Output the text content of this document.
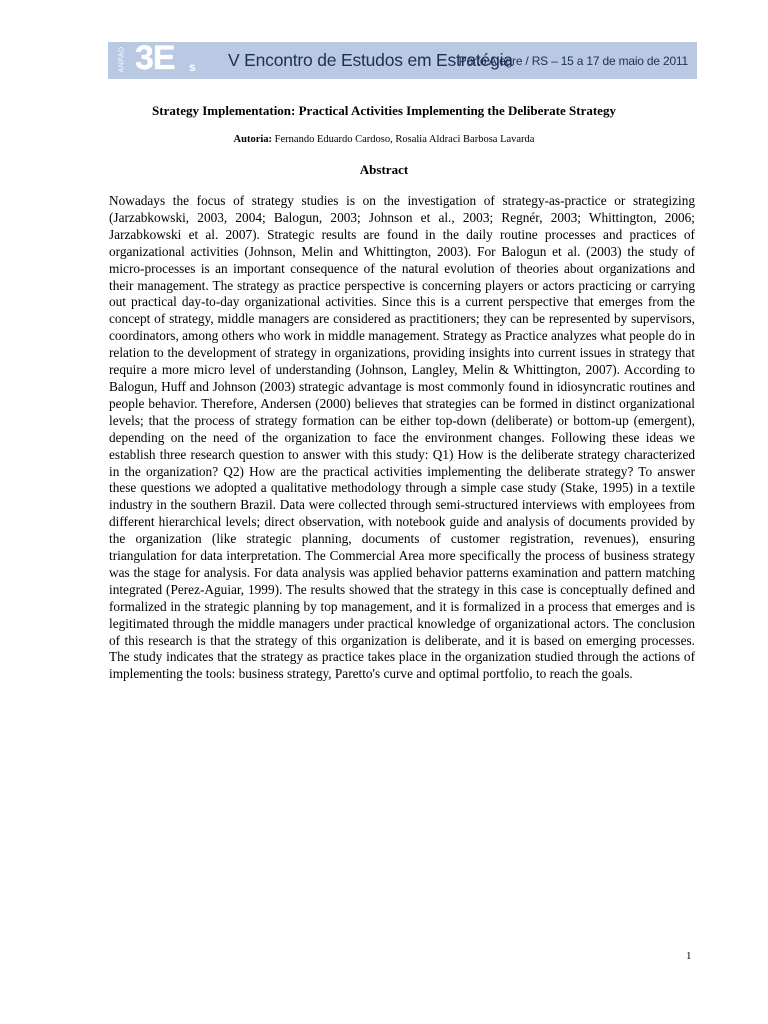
ANPAD 3E s V Encontro de Estudos em Estratégia
Porto Alegre / RS – 15 a 17 de maio de 2011
Strategy Implementation: Practical Activities Implementing the Deliberate Strategy
Autoria: Fernando Eduardo Cardoso, Rosalia Aldraci Barbosa Lavarda
Abstract

Nowadays the focus of strategy studies is on the investigation of strategy-as-practice or strategizing (Jarzabkowski, 2003, 2004; Balogun, 2003; Johnson et al., 2003; Regnér, 2003; Whittington, 2006; Jarzabkowski et al. 2007). Strategic results are found in the daily routine processes and practices of organizational activities (Johnson, Melin and Whittington, 2003). For Balogun et al. (2003) the study of micro-processes is an important consequence of the natural evolution of theories about organizations and their management. The strategy as practice perspective is concerning players or actors practicing or carrying out practical day-to-day organizational activities. Since this is a current perspective that emerges from the concept of strategy, middle managers are considered as practitioners; they can be represented by supervisors, coordinators, among others who work in middle management. Strategy as Practice analyzes what people do in relation to the development of strategy in organizations, providing insights into current issues in strategy that require a more micro level of understanding (Johnson, Langley, Melin & Whittington, 2007). According to Balogun, Huff and Johnson (2003) strategic advantage is most commonly found in idiosyncratic routines and people behavior. Therefore, Andersen (2000) believes that strategies can be formed in distinct organizational levels; that the process of strategy formation can be either top-down (deliberate) or bottom-up (emergent), depending on the need of the organization to face the environment changes. Following these ideas we establish three research question to answer with this study: Q1) How is the deliberate strategy characterized in the organization? Q2) How are the practical activities implementing the deliberate strategy? To answer these questions we adopted a qualitative methodology through a simple case study (Stake, 1995) in a textile industry in the southern Brazil. Data were collected through semi-structured interviews with employees from different hierarchical levels; direct observation, with notebook guide and analysis of documents provided by the organization (like strategic planning, documents of customer registration, revenues), ensuring triangulation for data interpretation. The Commercial Area more specifically the process of business strategy was the stage for analysis. For data analysis was applied behavior patterns examination and pattern matching integrated (Perez-Aguiar, 1999). The results showed that the strategy in this case is conceptually defined and formalized in the strategic planning by top management, and it is formalized in a process that emerges and is legitimated through the middle managers under practical knowledge of organizational actors. The conclusion of this research is that the strategy of this organization is deliberate, and it is based on emerging processes. The study indicates that the strategy as practice takes place in the organization studied through the actions of implementing the tools: business strategy, Paretto's curve and optimal portfolio, to reach the goals.

1
